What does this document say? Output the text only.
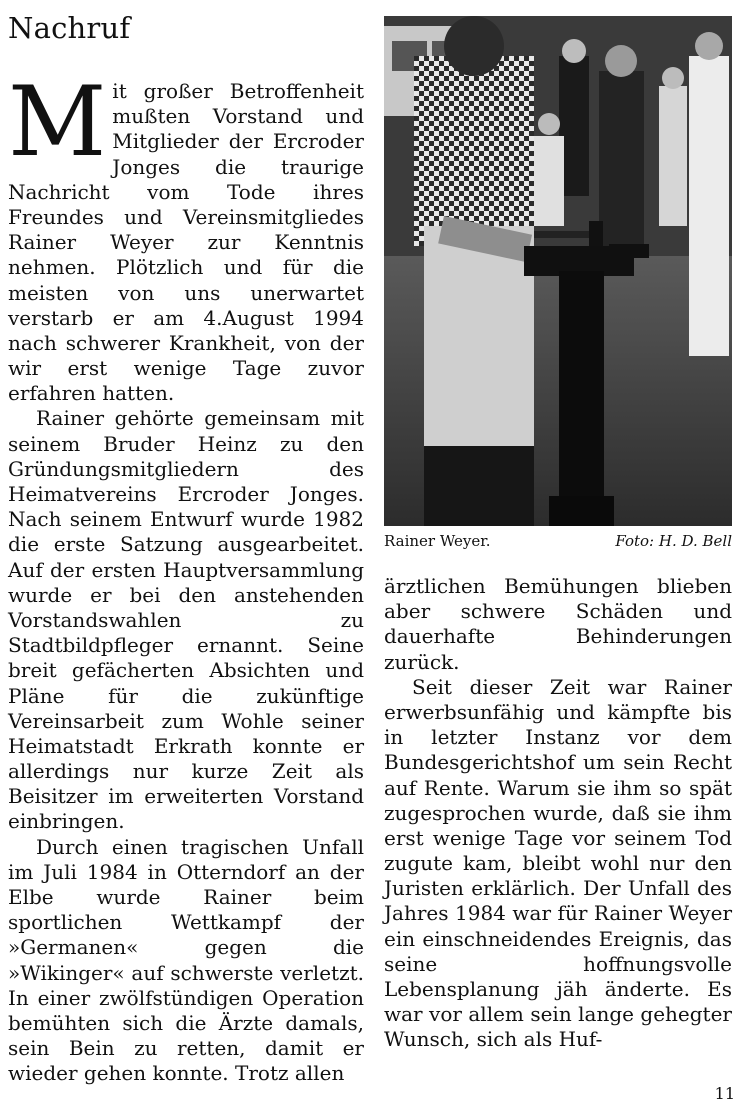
Nachruf

Mit großer Betroffenheit mußten Vorstand und Mitglieder der Ercroder Jonges die traurige Nachricht vom Tode ihres Freundes und Vereinsmitgliedes Rainer Weyer zur Kenntnis nehmen. Plötzlich und für die meisten von uns unerwartet verstarb er am 4.August 1994 nach schwerer Krankheit, von der wir erst wenige Tage zuvor erfahren hatten.

Rainer gehörte gemeinsam mit seinem Bruder Heinz zu den Gründungsmitgliedern des Heimatvereins Ercroder Jonges. Nach seinem Entwurf wurde 1982 die erste Satzung ausgearbeitet. Auf der ersten Hauptversammlung wurde er bei den anstehenden Vorstandswahlen zu Stadtbildpfleger ernannt. Seine breit gefächerten Absichten und Pläne für die zukünftige Vereinsarbeit zum Wohle seiner Heimatstadt Erkrath konnte er allerdings nur kurze Zeit als Beisitzer im erweiterten Vorstand einbringen.

Durch einen tragischen Unfall im Juli 1984 in Otterndorf an der Elbe wurde Rainer beim sportlichen Wettkampf der »Germanen« gegen die »Wikinger« auf schwerste verletzt. In einer zwölfstündigen Operation bemühten sich die Ärzte damals, sein Bein zu retten, damit er wieder gehen konnte. Trotz allen

Rainer Weyer.	Foto: H. D. Bell

ärztlichen Bemühungen blieben aber schwere Schäden und dauerhafte Behinderungen zurück.

Seit dieser Zeit war Rainer erwerbsunfähig und kämpfte bis in letzter Instanz vor dem Bundesgerichtshof um sein Recht auf Rente. Warum sie ihm so spät zugesprochen wurde, daß sie ihm erst wenige Tage vor seinem Tod zugute kam, bleibt wohl nur den Juristen erklärlich. Der Unfall des Jahres 1984 war für Rainer Weyer ein einschneidendes Ereignis, das seine hoffnungsvolle Lebensplanung jäh änderte. Es war vor allem sein lange gehegter Wunsch, sich als Huf-

11
